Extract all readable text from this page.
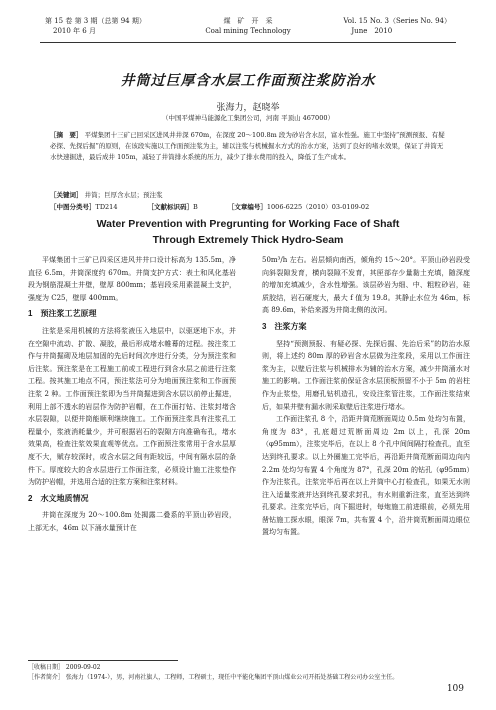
第 15 卷 第 3 期（总第 94 期）
2010 年 6 月
煤　矿　开　采
Coal mining Technology
Vol. 15 No. 3（Series No. 94）
June　2010
井筒过巨厚含水层工作面预注浆防治水
张海力，赵晓举
（中国平煤神马能源化工集团公司，河南 平顶山 467000）
［摘　要］ 平煤集团十三矿已回采区进风井井深 670m，在深度 20～100.8m 段为砂岩含水层，富水性强。施工中坚持“预测预报、有疑必探、先探后掘”的原则，在该段实施以工作面预注浆为主，辅以注浆与机械掘水方式的治水方案，达到了良好的堵水效果，保证了井筒无水快速掘进，最后成井 105m，减轻了井筒排水系统的压力，减少了排水费用的投入，降低了生产成本。
［关键词］ 井筒；巨厚含水层；预注浆
［中图分类号］TD214	［文献标识码］B	［文章编号］1006-6225（2010）03-0109-02
Water Prevention with Pregrunting for Working Face of Shaft
Through Extremely Thick Hydro-Seam

平煤集团十三矿已四采区进风井井口设计标高为 135.5m，净直径 6.5m，井筒深度约 670m。井筒支护方式：表土和风化基岩段为钢筋混凝土井壁，壁厚 800mm；基岩段采用素混凝土支护，强度为 C25，壁厚 400mm。

1　预注浆工艺原理

注浆是采用机械的方法将浆液压入地层中，以驱逐地下水，并在空隙中流动、扩散、凝胶，最后形成堵水帷幕的过程。按注浆工作与井筒掘砌及地层加固的先后时间次序进行分类，分为预注浆和后注浆。预注浆是在工程施工前或工程进行到含水层之前进行注浆工程。按其施工地点不同，预注浆法可分为地面预注浆和工作面预注浆 2 种。工作面预注浆即为当井筒掘进到含水层以前停止掘进，利用上部不透水的岩层作为防护岩帽，在工作面打钻、注浆封堵含水层裂隙，以便井筒能顺利继续施工。工作面预注浆具有注浆孔工程量小，浆液消耗量少，并可根据岩石的裂隙方向准确布孔，堵水效果高，检查注浆效果直观等优点。工作面预注浆常用于含水层厚度不大，赋存较深时，或含水层之间有距较远，中间有隔水层的条件下。厚度较大的含水层进行工作面注浆，必须设计施工注浆垫作为防护岩帽，并选用合适的注浆方案和注浆材料。

2　水文地质情况

井筒在深度为 20～100.8m 处揭露二叠系的平顶山砂岩段，上部无水，46m 以下涌水量预计在

50m³/h 左右。岩层倾向南西，倾角约 15～20°。平顶山砂岩段受向斜裂隙发育，横向裂隙不发育，其匣部存少量黏土充填，随深度的增加充填减少，含水性增强。该层砂岩为细、中、粗粒砂岩，硅质胶结，岩石硬度大，最大 f 值为 19.8。其静止水位为 46m，标高 89.6m，补给来源为井筒北侧的汝河。

3　注浆方案

坚持“预测预报、有疑必探、先探后掘、先治后采”的防治水原则，将上述约 80m 厚的砂岩含水层做为注浆段，采用以工作面注浆为主，以壁后注浆与机械排水为辅的治水方案，减少井筒涌水对施工的影响。工作面注浆前保证含水层顶板预留不小于 5m 的岩柱作为止浆垫，用磨孔钻机造孔，安设注浆管注浆，工作面注浆结束后，如果井壁有漏水则采取壁后注浆进行堵水。

工作面注浆孔 8 个，沿距井筒荒断面周边 0.5m 处均匀布置，角度为 83°，孔底超过荒断面周边 2m 以上，孔深 20m（φ95mm），注浆完毕后，在以上 8 个孔中间间隔打检查孔，直至达到终孔要求。以上外圈施工完毕后，再沿距井筒荒断面周边向内 2.2m 处均匀布置 4 个角度为 87°，孔深 20m 的钻孔（φ95mm）作为注浆孔，注浆完毕后再在以上并筒中心打检查孔，如果无水则注入适量浆液并达到终孔要求封孔，有水则重新注浆，直至达到终孔要求。注浆完毕后，向下掘进时，每炮施工前进眼前，必须先用凿钻施工探水眼，眼深 7m，共布置 4 个，沿井筒荒断面周边眼位置均匀布置。

［收稿日期］ 2009-09-02
［作者简介］ 张海力（1974-），男，河南社旗人，工程师，工程硕士，现任中平能化集团平顶山煤业公司开拓处基础工程公司办公室主任。
109
